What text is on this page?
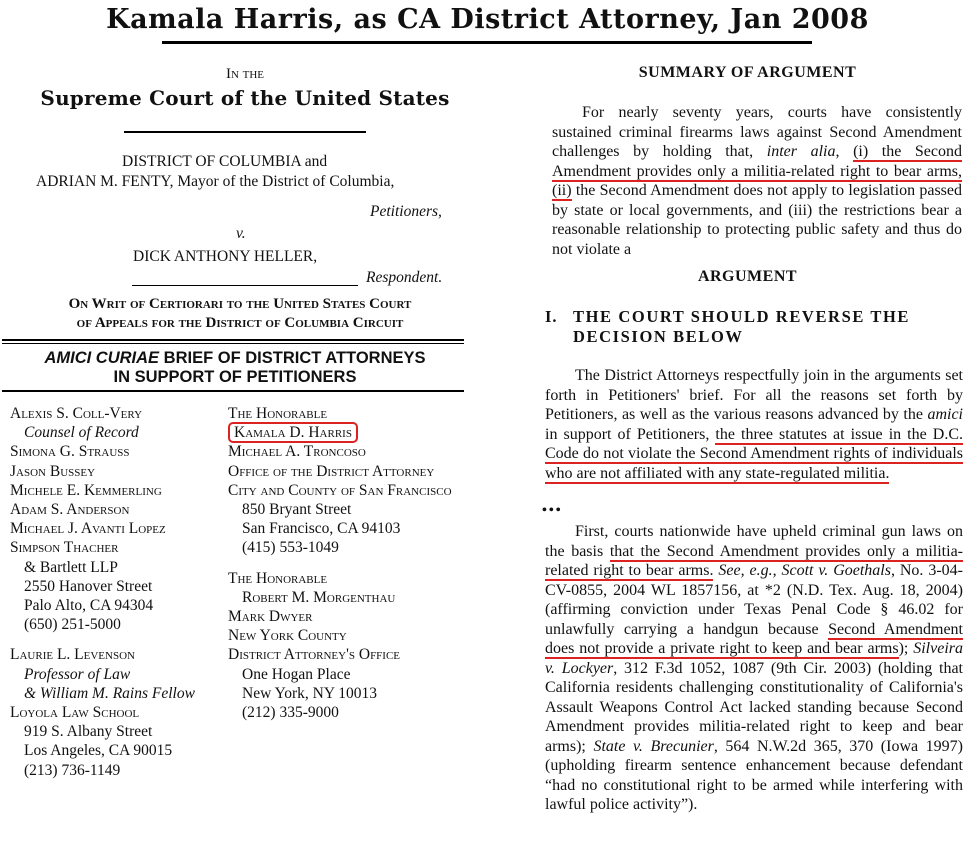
Kamala Harris, as CA District Attorney, Jan 2008
In the
Supreme Court of the United States
DISTRICT OF COLUMBIA and
ADRIAN M. FENTY, Mayor of the District of Columbia,
Petitioners,
v.
DICK ANTHONY HELLER,
Respondent.
On Writ of Certiorari to the United States Court
of Appeals for the District of Columbia Circuit
AMICI CURIAE BRIEF OF DISTRICT ATTORNEYS
IN SUPPORT OF PETITIONERS
Alexis S. Coll-Very
Counsel of Record
Simona G. Strauss
Jason Bussey
Michele E. Kemmerling
Adam S. Anderson
Michael J. Avanti Lopez
Simpson Thacher
& Bartlett LLP
2550 Hanover Street
Palo Alto, CA 94304
(650) 251-5000
Laurie L. Levenson
Professor of Law
& William M. Rains Fellow
Loyola Law School
919 S. Albany Street
Los Angeles, CA 90015
(213) 736-1149
The Honorable
Kamala D. Harris
Michael A. Troncoso
Office of the District Attorney
City and County of San Francisco
850 Bryant Street
San Francisco, CA 94103
(415) 553-1049
The Honorable
Robert M. Morgenthau
Mark Dwyer
New York County
District Attorney's Office
One Hogan Place
New York, NY 10013
(212) 335-9000
SUMMARY OF ARGUMENT
For nearly seventy years, courts have consistently sustained criminal firearms laws against Second Amendment challenges by holding that, inter alia, (i) the Second Amendment provides only a militia-related right to bear arms, (ii) the Second Amendment does not apply to legislation passed by state or local governments, and (iii) the restrictions bear a reasonable relationship to protecting public safety and thus do not violate a
ARGUMENT
I. THE COURT SHOULD REVERSE THE DECISION BELOW
The District Attorneys respectfully join in the arguments set forth in Petitioners' brief. For all the reasons set forth by Petitioners, as well as the various reasons advanced by the amici in support of Petitioners, the three statutes at issue in the D.C. Code do not violate the Second Amendment rights of individuals who are not affiliated with any state-regulated militia.
•••
First, courts nationwide have upheld criminal gun laws on the basis that the Second Amendment provides only a militia-related right to bear arms. See, e.g., Scott v. Goethals, No. 3-04-CV-0855, 2004 WL 1857156, at *2 (N.D. Tex. Aug. 18, 2004) (affirming conviction under Texas Penal Code § 46.02 for unlawfully carrying a handgun because Second Amendment does not provide a private right to keep and bear arms); Silveira v. Lockyer, 312 F.3d 1052, 1087 (9th Cir. 2003) (holding that California residents challenging constitutionality of California's Assault Weapons Control Act lacked standing because Second Amendment provides militia-related right to keep and bear arms); State v. Brecunier, 564 N.W.2d 365, 370 (Iowa 1997) (upholding firearm sentence enhancement because defendant “had no constitutional right to be armed while interfering with lawful police activity”).
